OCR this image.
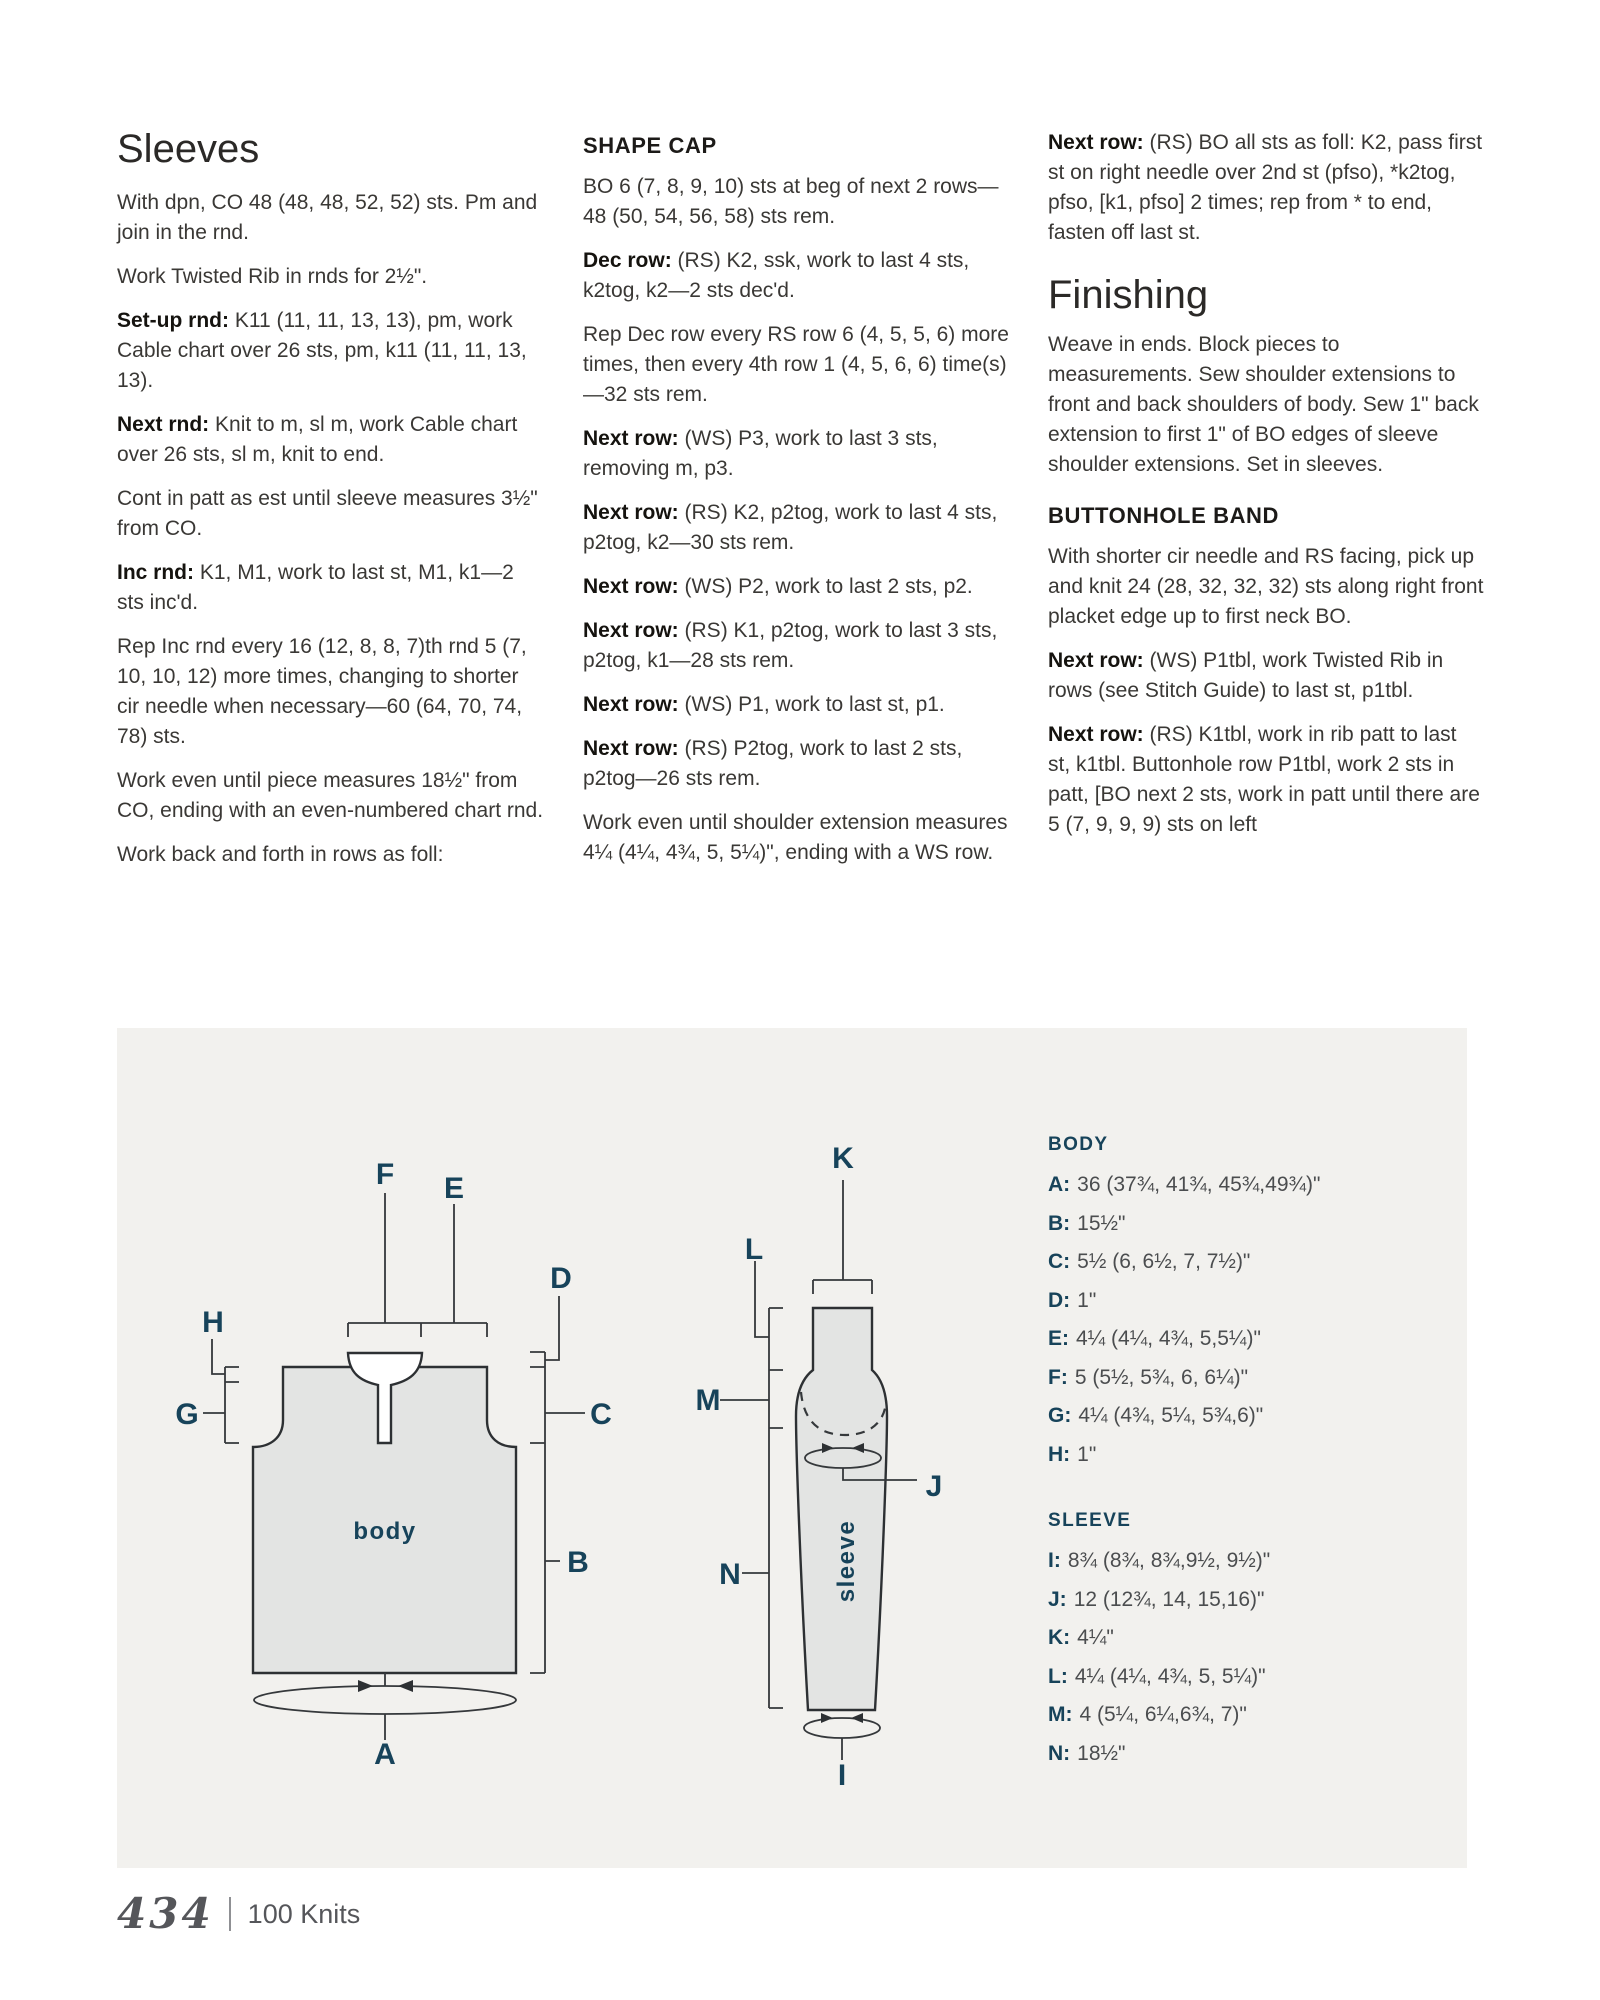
Sleeves

With dpn, CO 48 (48, 48, 52, 52) sts. Pm and join in the rnd.

Work Twisted Rib in rnds for 2½".

Set-up rnd: K11 (11, 11, 13, 13), pm, work Cable chart over 26 sts, pm, k11 (11, 11, 13, 13).

Next rnd: Knit to m, sl m, work Cable chart over 26 sts, sl m, knit to end.

Cont in patt as est until sleeve measures 3½" from CO.

Inc rnd: K1, M1, work to last st, M1, k1—2 sts inc'd.

Rep Inc rnd every 16 (12, 8, 8, 7)th rnd 5 (7, 10, 10, 12) more times, changing to shorter cir needle when necessary—60 (64, 70, 74, 78) sts.

Work even until piece measures 18½" from CO, ending with an even-numbered chart rnd.

Work back and forth in rows as foll:

SHAPE CAP

BO 6 (7, 8, 9, 10) sts at beg of next 2 rows—48 (50, 54, 56, 58) sts rem.

Dec row: (RS) K2, ssk, work to last 4 sts, k2tog, k2—2 sts dec'd.

Rep Dec row every RS row 6 (4, 5, 5, 6) more times, then every 4th row 1 (4, 5, 6, 6) time(s)—32 sts rem.

Next row: (WS) P3, work to last 3 sts, removing m, p3.

Next row: (RS) K2, p2tog, work to last 4 sts, p2tog, k2—30 sts rem.

Next row: (WS) P2, work to last 2 sts, p2.

Next row: (RS) K1, p2tog, work to last 3 sts, p2tog, k1—28 sts rem.

Next row: (WS) P1, work to last st, p1.

Next row: (RS) P2tog, work to last 2 sts, p2tog—26 sts rem.

Work even until shoulder extension measures 4¼ (4¼, 4¾, 5, 5¼)", ending with a WS row.

Next row: (RS) BO all sts as foll: K2, pass first st on right needle over 2nd st (pfso), *k2tog, pfso, [k1, pfso] 2 times; rep from * to end, fasten off last st.

Finishing

Weave in ends. Block pieces to measurements. Sew shoulder extensions to front and back shoulders of body. Sew 1" back extension to first 1" of BO edges of sleeve shoulder extensions. Set in sleeves.

BUTTONHOLE BAND

With shorter cir needle and RS facing, pick up and knit 24 (28, 32, 32, 32) sts along right front placket edge up to first neck BO.

Next row: (WS) P1tbl, work Twisted Rib in rows (see Stitch Guide) to last st, p1tbl.

Next row: (RS) K1tbl, work in rib patt to last st, k1tbl. Buttonhole row P1tbl, work 2 sts in patt, [BO next 2 sts, work in patt until there are 5 (7, 9, 9, 9) sts on left

F E
D
H
G	C
B
A
K
L
M
N
J
I
body	sleeve
BODY
A: 36 (37¾, 41¾, 45¾,49¾)"
B: 15½"
C: 5½ (6, 6½, 7, 7½)"
D: 1"
E: 4¼ (4¼, 4¾, 5,5¼)"
F: 5 (5½, 5¾, 6, 6¼)"
G: 4¼ (4¾, 5¼, 5¾,6)"
H: 1"
SLEEVE
I: 8¾ (8¾, 8¾,9½, 9½)"
J: 12 (12¾, 14, 15,16)"
K: 4¼"
L: 4¼ (4¼, 4¾, 5, 5¼)"
M: 4 (5¼, 6¼,6¾, 7)"
N: 18½"
434 100 Knits
